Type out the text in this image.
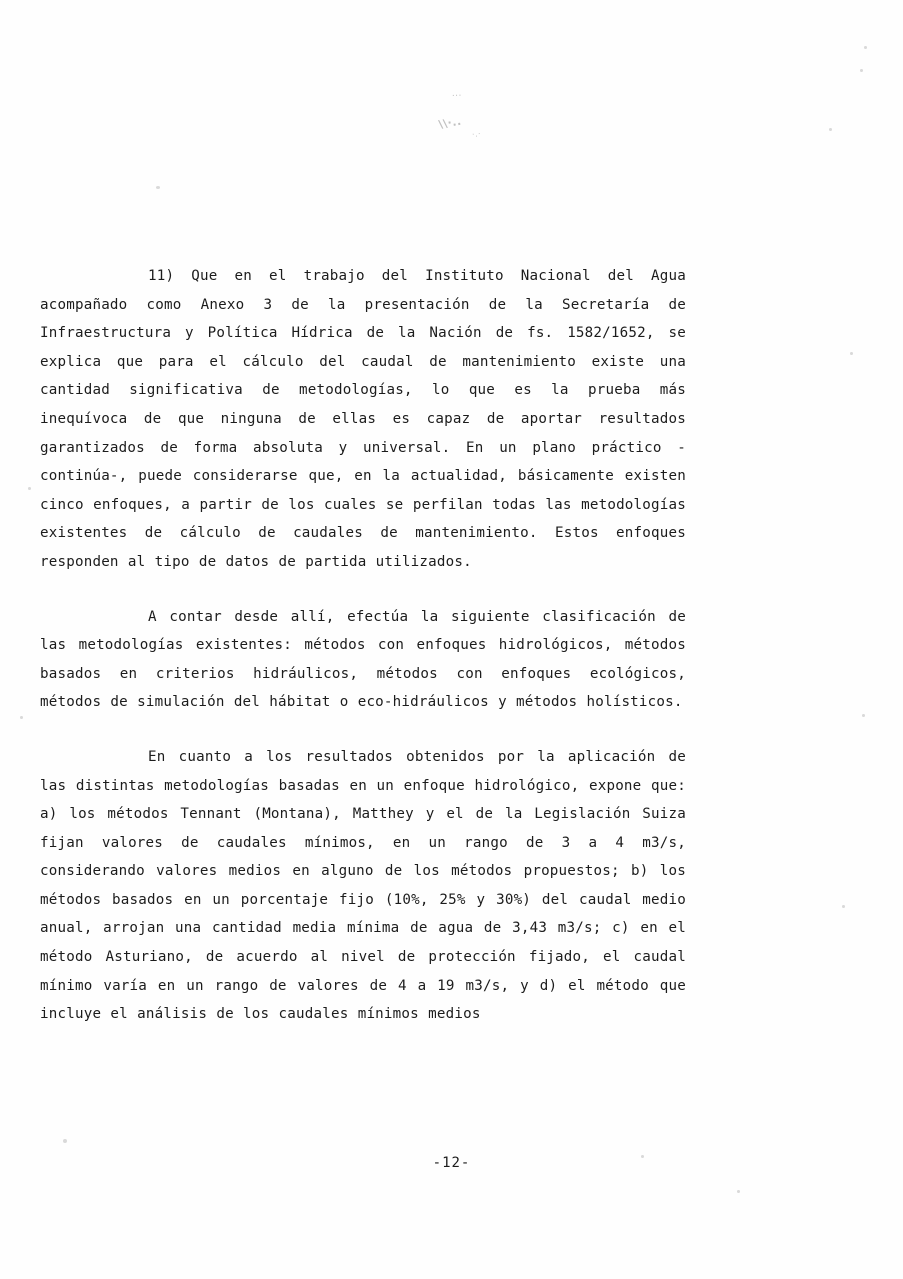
···
\\·..
·.·

11) Que en el trabajo del Instituto Nacional del Agua acompañado como Anexo 3 de la presentación de la Secretaría de Infraestructura y Política Hídrica de la Nación de fs. 1582/1652, se explica que para el cálculo del caudal de mantenimiento existe una cantidad significativa de metodologías, lo que es la prueba más inequívoca de que ninguna de ellas es capaz de aportar resultados garantizados de forma absoluta y universal. En un plano práctico -continúa-, puede considerarse que, en la actualidad, básicamente existen cinco enfoques, a partir de los cuales se perfilan todas las metodologías existentes de cálculo de caudales de mantenimiento. Estos enfoques responden al tipo de datos de partida utilizados.

A contar desde allí, efectúa la siguiente clasificación de las metodologías existentes: métodos con enfoques hidrológicos, métodos basados en criterios hidráulicos, métodos con enfoques ecológicos, métodos de simulación del hábitat o eco-hidráulicos y métodos holísticos.

En cuanto a los resultados obtenidos por la aplicación de las distintas metodologías basadas en un enfoque hidrológico, expone que: a) los métodos Tennant (Montana), Matthey y el de la Legislación Suiza fijan valores de caudales mínimos, en un rango de 3 a 4 m3/s, considerando valores medios en alguno de los métodos propuestos; b) los métodos basados en un porcentaje fijo (10%, 25% y 30%) del caudal medio anual, arrojan una cantidad media mínima de agua de 3,43 m3/s; c) en el método Asturiano, de acuerdo al nivel de protección fijado, el caudal mínimo varía en un rango de valores de 4 a 19 m3/s, y d) el método que incluye el análisis de los caudales mínimos medios

-12-
